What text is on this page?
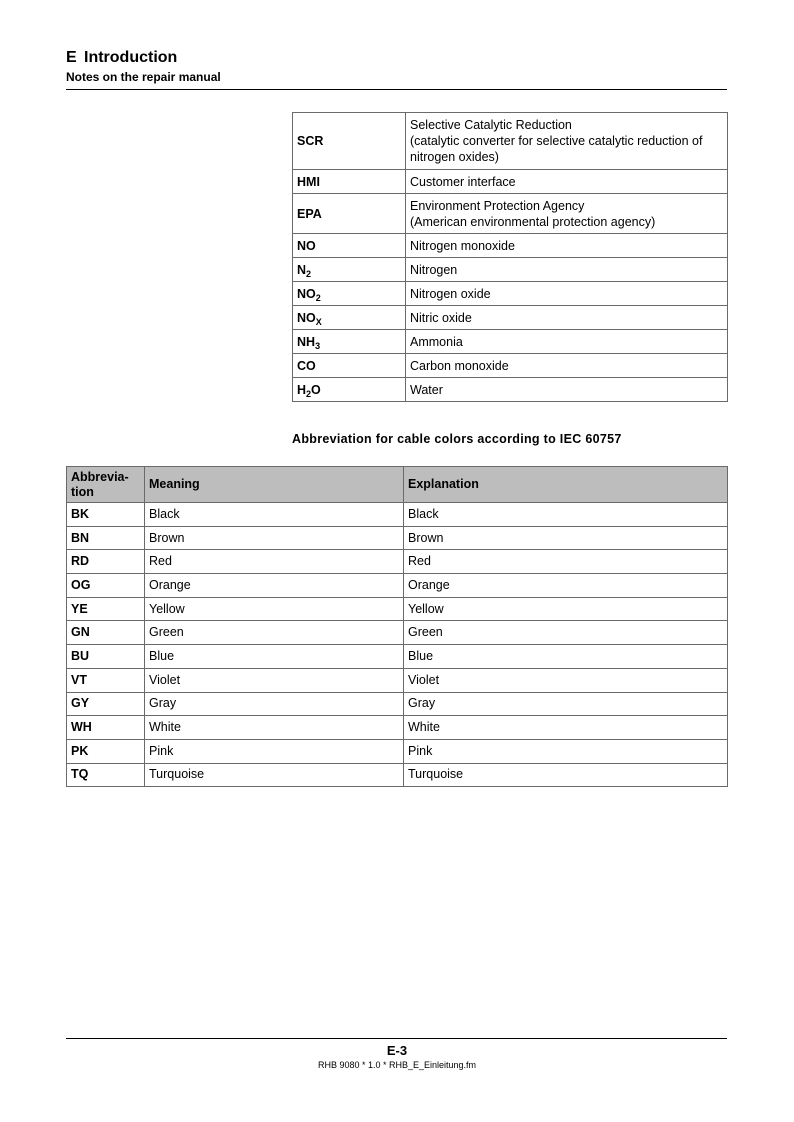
E Introduction
Notes on the repair manual
SCR	Selective Catalytic Reduction
(catalytic converter for selective catalytic reduction of
nitrogen oxides)

HMI	Customer interface

EPA	Environment Protection Agency
(American environmental protection agency)

NO	Nitrogen monoxide

$N_2$	Nitrogen

$NO_2$	Nitrogen oxide

$NO_X$	Nitric oxide

$NH_3$	Ammonia

CO	Carbon monoxide

$H_2O$	Water
Abbreviation for cable colors according to IEC 60757
Abbrevia-
tion	Meaning	Explanation
BK	Black	Black
BN	Brown	Brown
RD	Red	Red
OG	Orange	Orange
YE	Yellow	Yellow
GN	Green	Green
BU	Blue	Blue
VT	Violet	Violet
GY	Gray	Gray
WH	White	White
PK	Pink	Pink
TQ	Turquoise	Turquoise
E-3
RHB 9080 * 1.0 * RHB_E_Einleitung.fm
